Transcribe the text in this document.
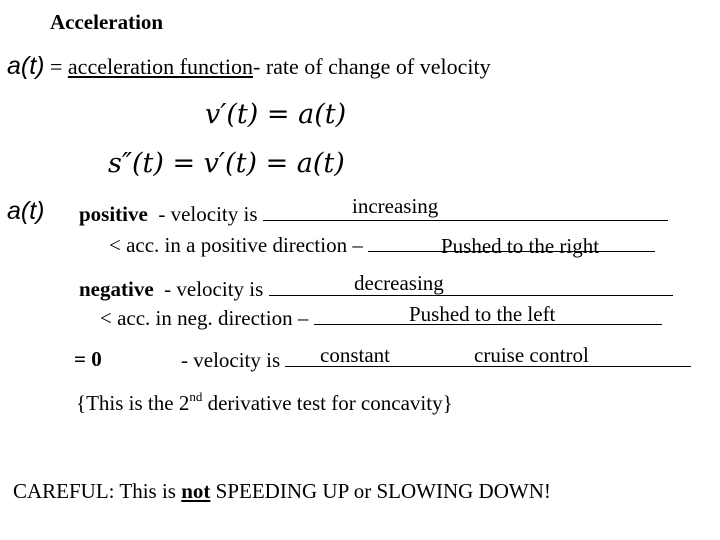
Acceleration
a(t) = acceleration function- rate of change of velocity
v′(t) = a(t)
s″(t) = v′(t) = a(t)
a(t) positive - velocity is	increasing
< acc. in a positive direction –	Pushed to the right
negative - velocity is	decreasing
< acc. in neg. direction –	Pushed to the left
= 0	- velocity is	constant	cruise control
{This is the 2nd derivative test for concavity}
CAREFUL: This is not SPEEDING UP or SLOWING DOWN!
